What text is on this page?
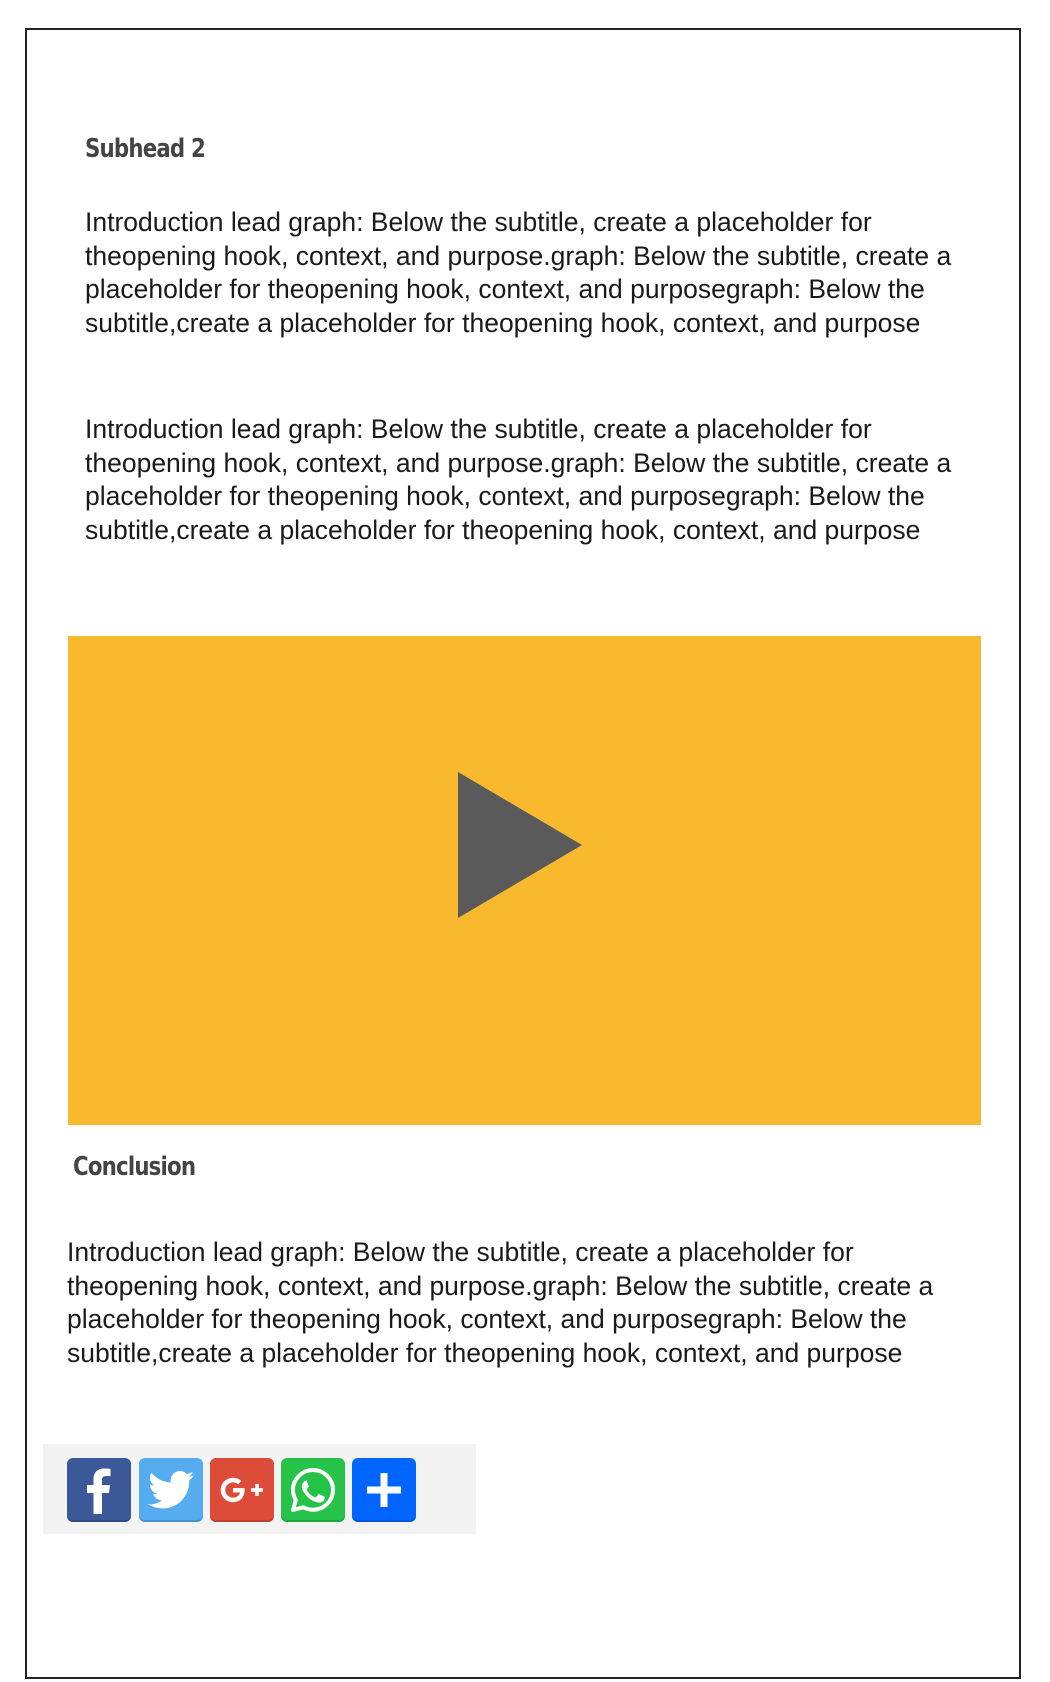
Subhead 2

Introduction lead graph: Below the subtitle, create a placeholder for theopening hook, context, and purpose.graph: Below the subtitle, create a placeholder for theopening hook, context, and purposegraph: Below the subtitle,create a placeholder for theopening hook, context, and purpose

Introduction lead graph: Below the subtitle, create a placeholder for theopening hook, context, and purpose.graph: Below the subtitle, create a placeholder for theopening hook, context, and purposegraph: Below the subtitle,create a placeholder for theopening hook, context, and purpose

Conclusion

Introduction lead graph: Below the subtitle, create a placeholder for theopening hook, context, and purpose.graph: Below the subtitle, create a placeholder for theopening hook, context, and purposegraph: Below the subtitle,create a placeholder for theopening hook, context, and purpose
